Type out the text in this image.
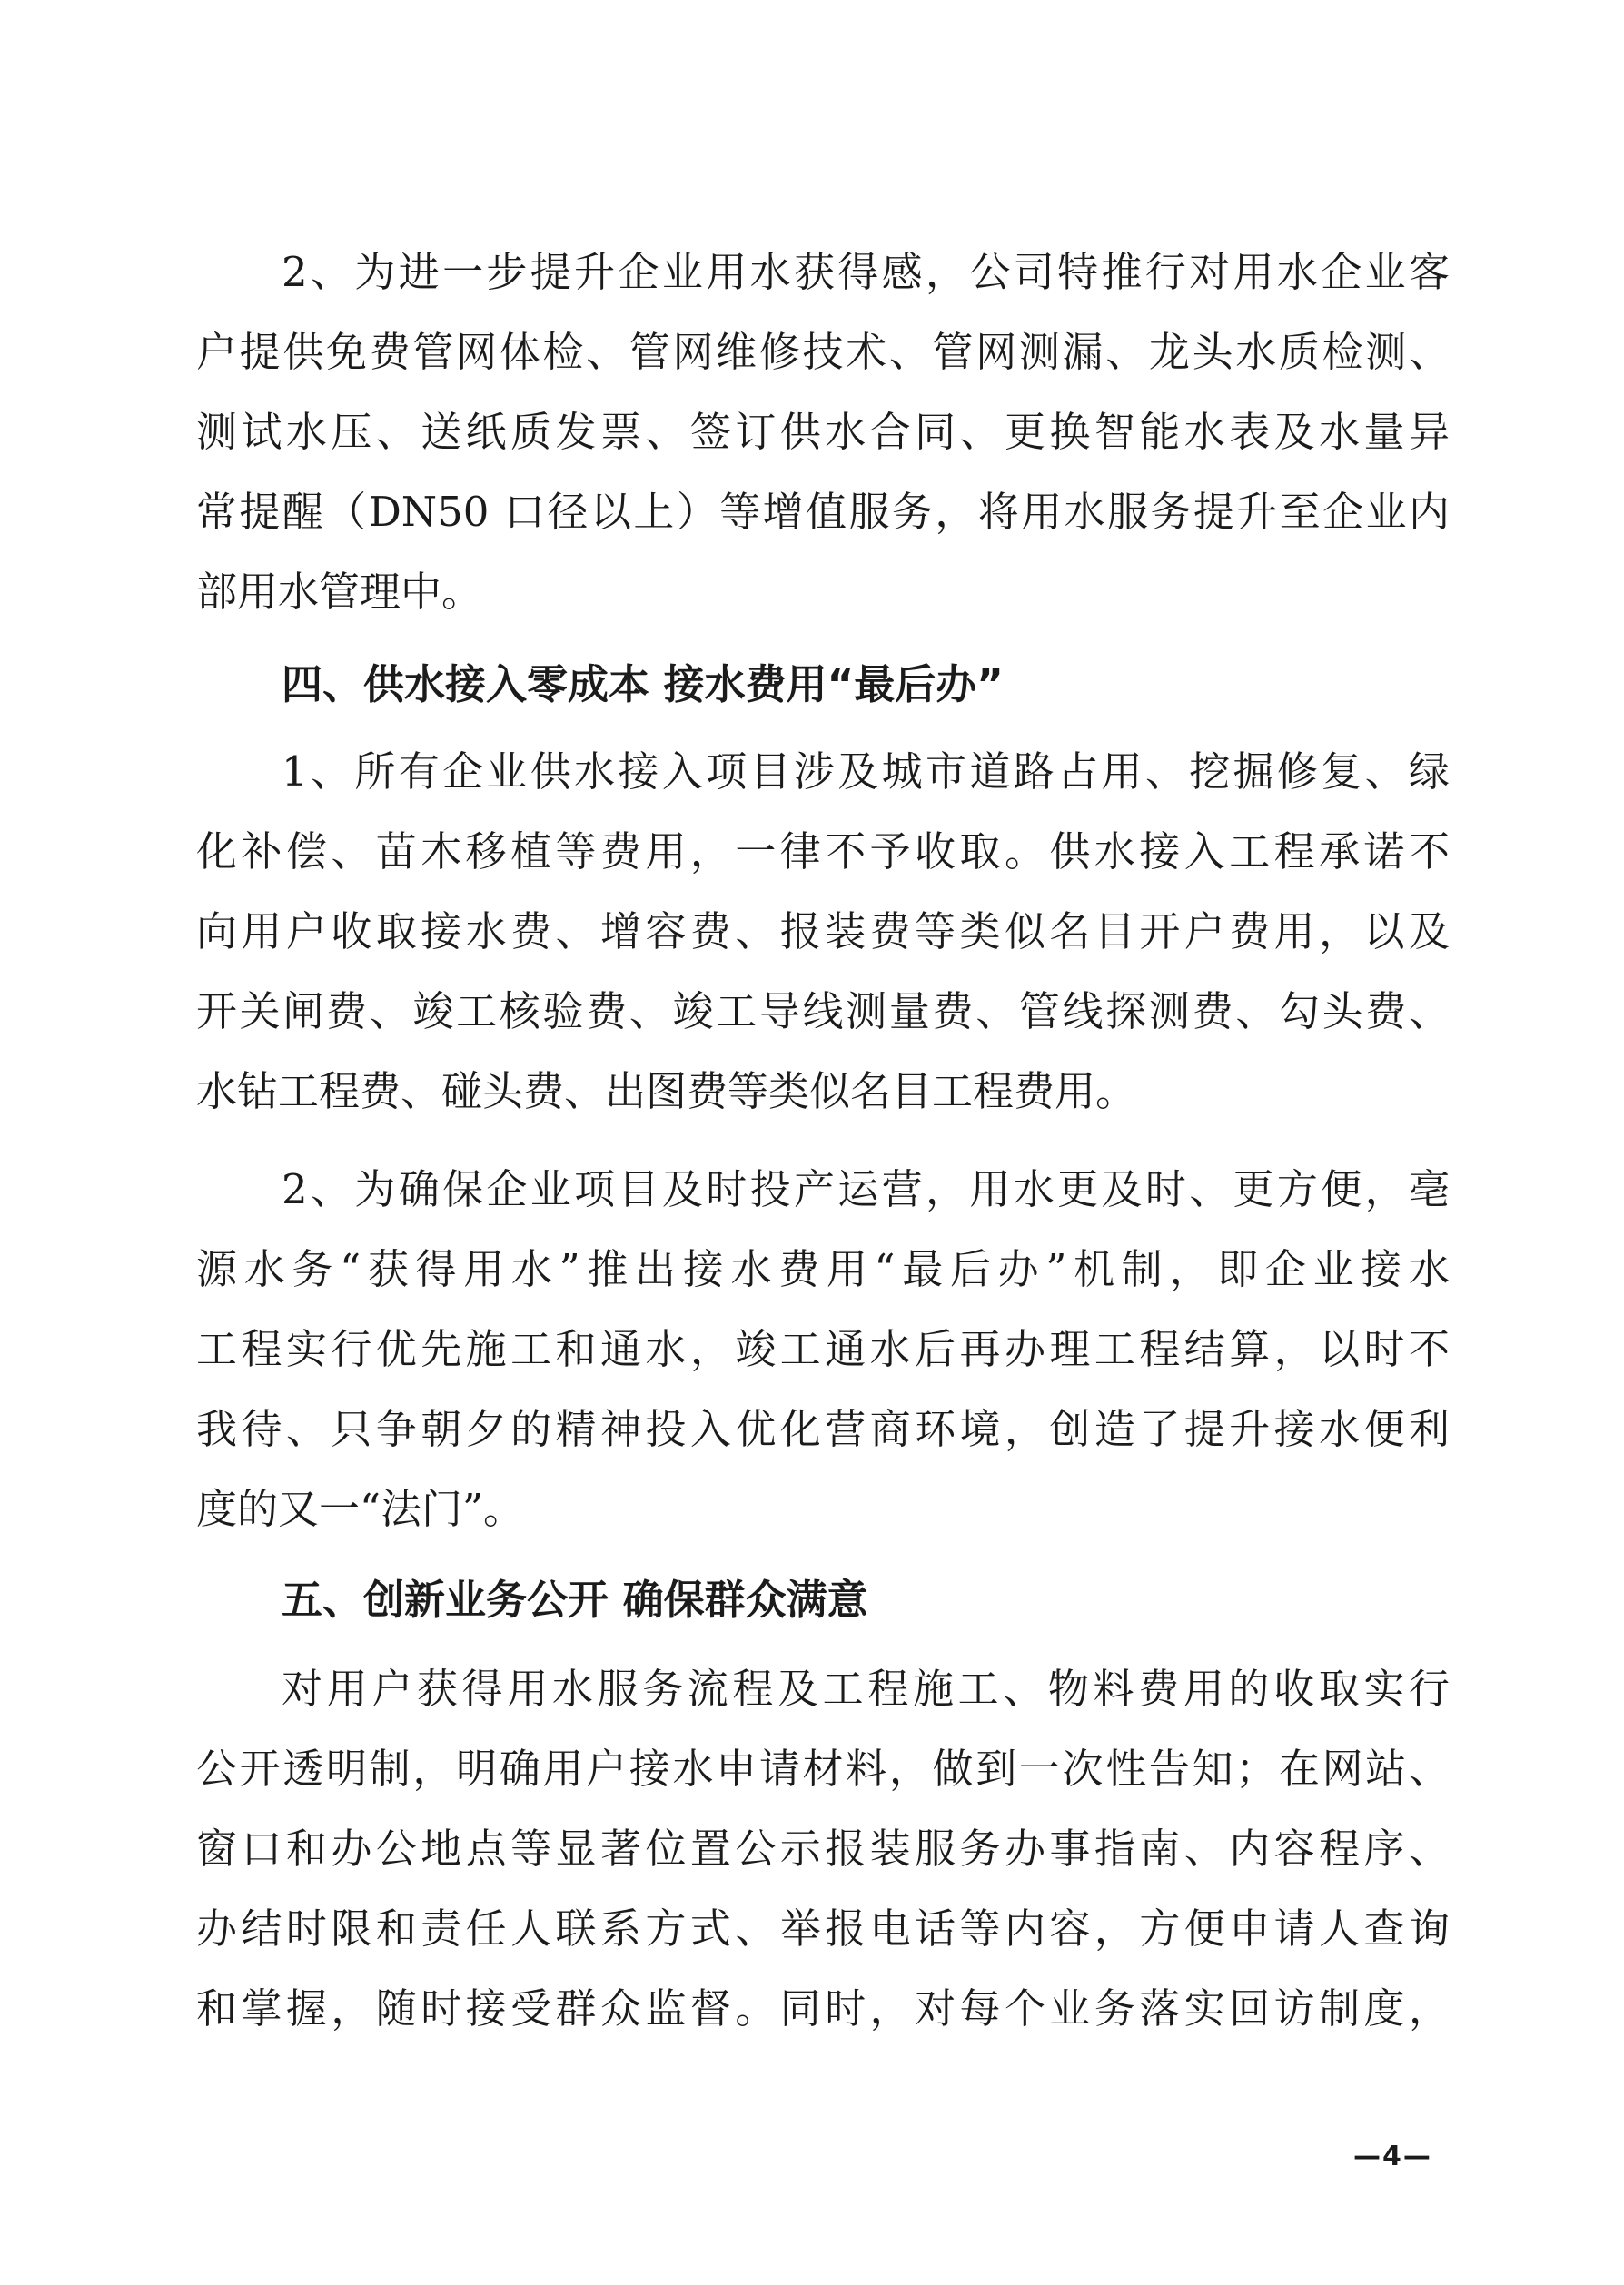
2、为进一步提升企业用水获得感，公司特推行对用水企业客
户提供免费管网体检、管网维修技术、管网测漏、龙头水质检测、
测试水压、送纸质发票、签订供水合同、更换智能水表及水量异
常提醒（DN50 口径以上）等增值服务，将用水服务提升至企业内
部用水管理中。
四、供水接入零成本 接水费用“最后办”
1、所有企业供水接入项目涉及城市道路占用、挖掘修复、绿
化补偿、苗木移植等费用，一律不予收取。供水接入工程承诺不
向用户收取接水费、增容费、报装费等类似名目开户费用，以及
开关闸费、竣工核验费、竣工导线测量费、管线探测费、勾头费、
水钻工程费、碰头费、出图费等类似名目工程费用。
2、为确保企业项目及时投产运营，用水更及时、更方便，亳
源水务“获得用水”推出接水费用“最后办”机制，即企业接水
工程实行优先施工和通水，竣工通水后再办理工程结算，以时不
我待、只争朝夕的精神投入优化营商环境，创造了提升接水便利
度的又一“法门”。
五、创新业务公开 确保群众满意
对用户获得用水服务流程及工程施工、物料费用的收取实行
公开透明制，明确用户接水申请材料，做到一次性告知；在网站、
窗口和办公地点等显著位置公示报装服务办事指南、内容程序、
办结时限和责任人联系方式、举报电话等内容，方便申请人查询
和掌握，随时接受群众监督。同时，对每个业务落实回访制度，
—4—
